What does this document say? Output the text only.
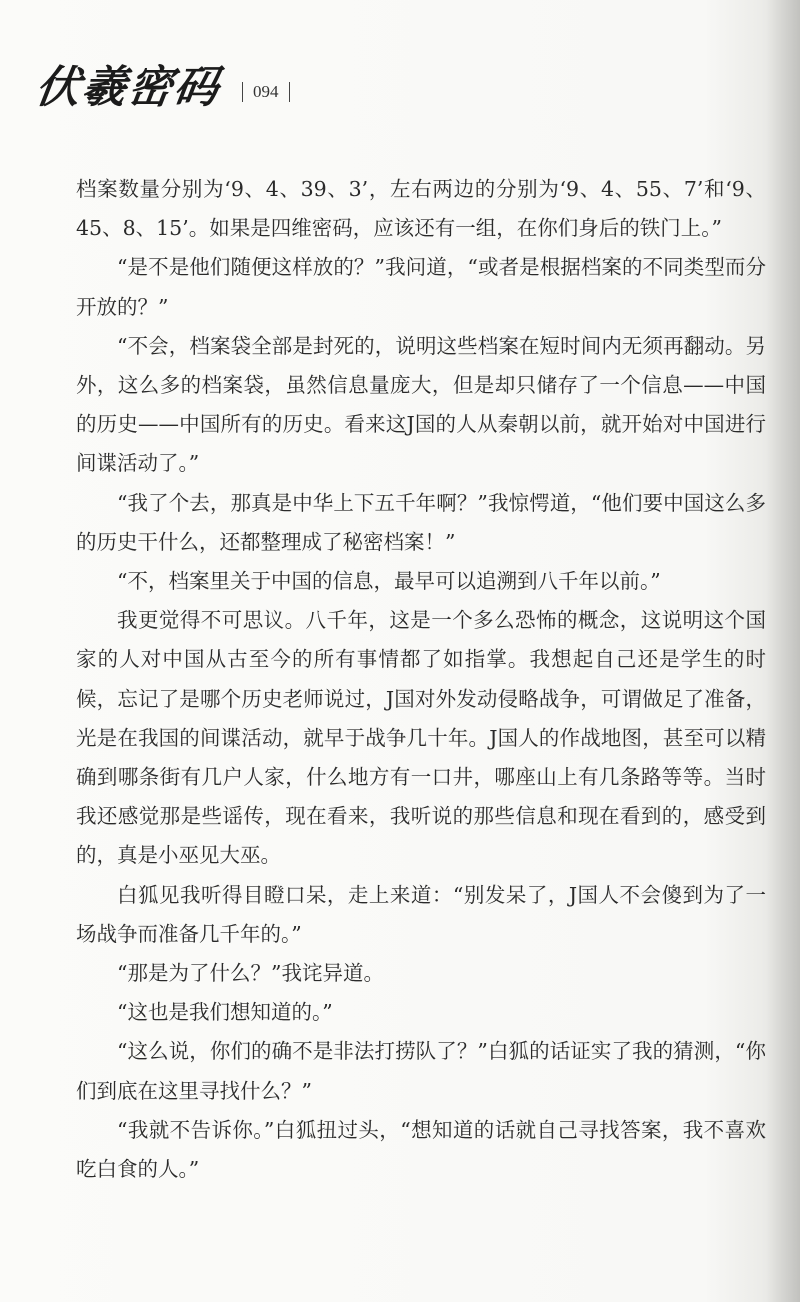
伏羲密码 094

档案数量分别为‘9、4、39、3’，左右两边的分别为‘9、4、55、7’和‘9、45、8、15’。如果是四维密码，应该还有一组，在你们身后的铁门上。”

“是不是他们随便这样放的？”我问道，“或者是根据档案的不同类型而分开放的？”

“不会，档案袋全部是封死的，说明这些档案在短时间内无须再翻动。另外，这么多的档案袋，虽然信息量庞大，但是却只储存了一个信息——中国的历史——中国所有的历史。看来这J国的人从秦朝以前，就开始对中国进行间谍活动了。”

“我了个去，那真是中华上下五千年啊？”我惊愕道，“他们要中国这么多的历史干什么，还都整理成了秘密档案！”

“不，档案里关于中国的信息，最早可以追溯到八千年以前。”

我更觉得不可思议。八千年，这是一个多么恐怖的概念，这说明这个国家的人对中国从古至今的所有事情都了如指掌。我想起自己还是学生的时候，忘记了是哪个历史老师说过，J国对外发动侵略战争，可谓做足了准备，光是在我国的间谍活动，就早于战争几十年。J国人的作战地图，甚至可以精确到哪条街有几户人家，什么地方有一口井，哪座山上有几条路等等。当时我还感觉那是些谣传，现在看来，我听说的那些信息和现在看到的，感受到的，真是小巫见大巫。

白狐见我听得目瞪口呆，走上来道：“别发呆了，J国人不会傻到为了一场战争而准备几千年的。”

“那是为了什么？”我诧异道。

“这也是我们想知道的。”

“这么说，你们的确不是非法打捞队了？”白狐的话证实了我的猜测，“你们到底在这里寻找什么？”

“我就不告诉你。”白狐扭过头，“想知道的话就自己寻找答案，我不喜欢吃白食的人。”
